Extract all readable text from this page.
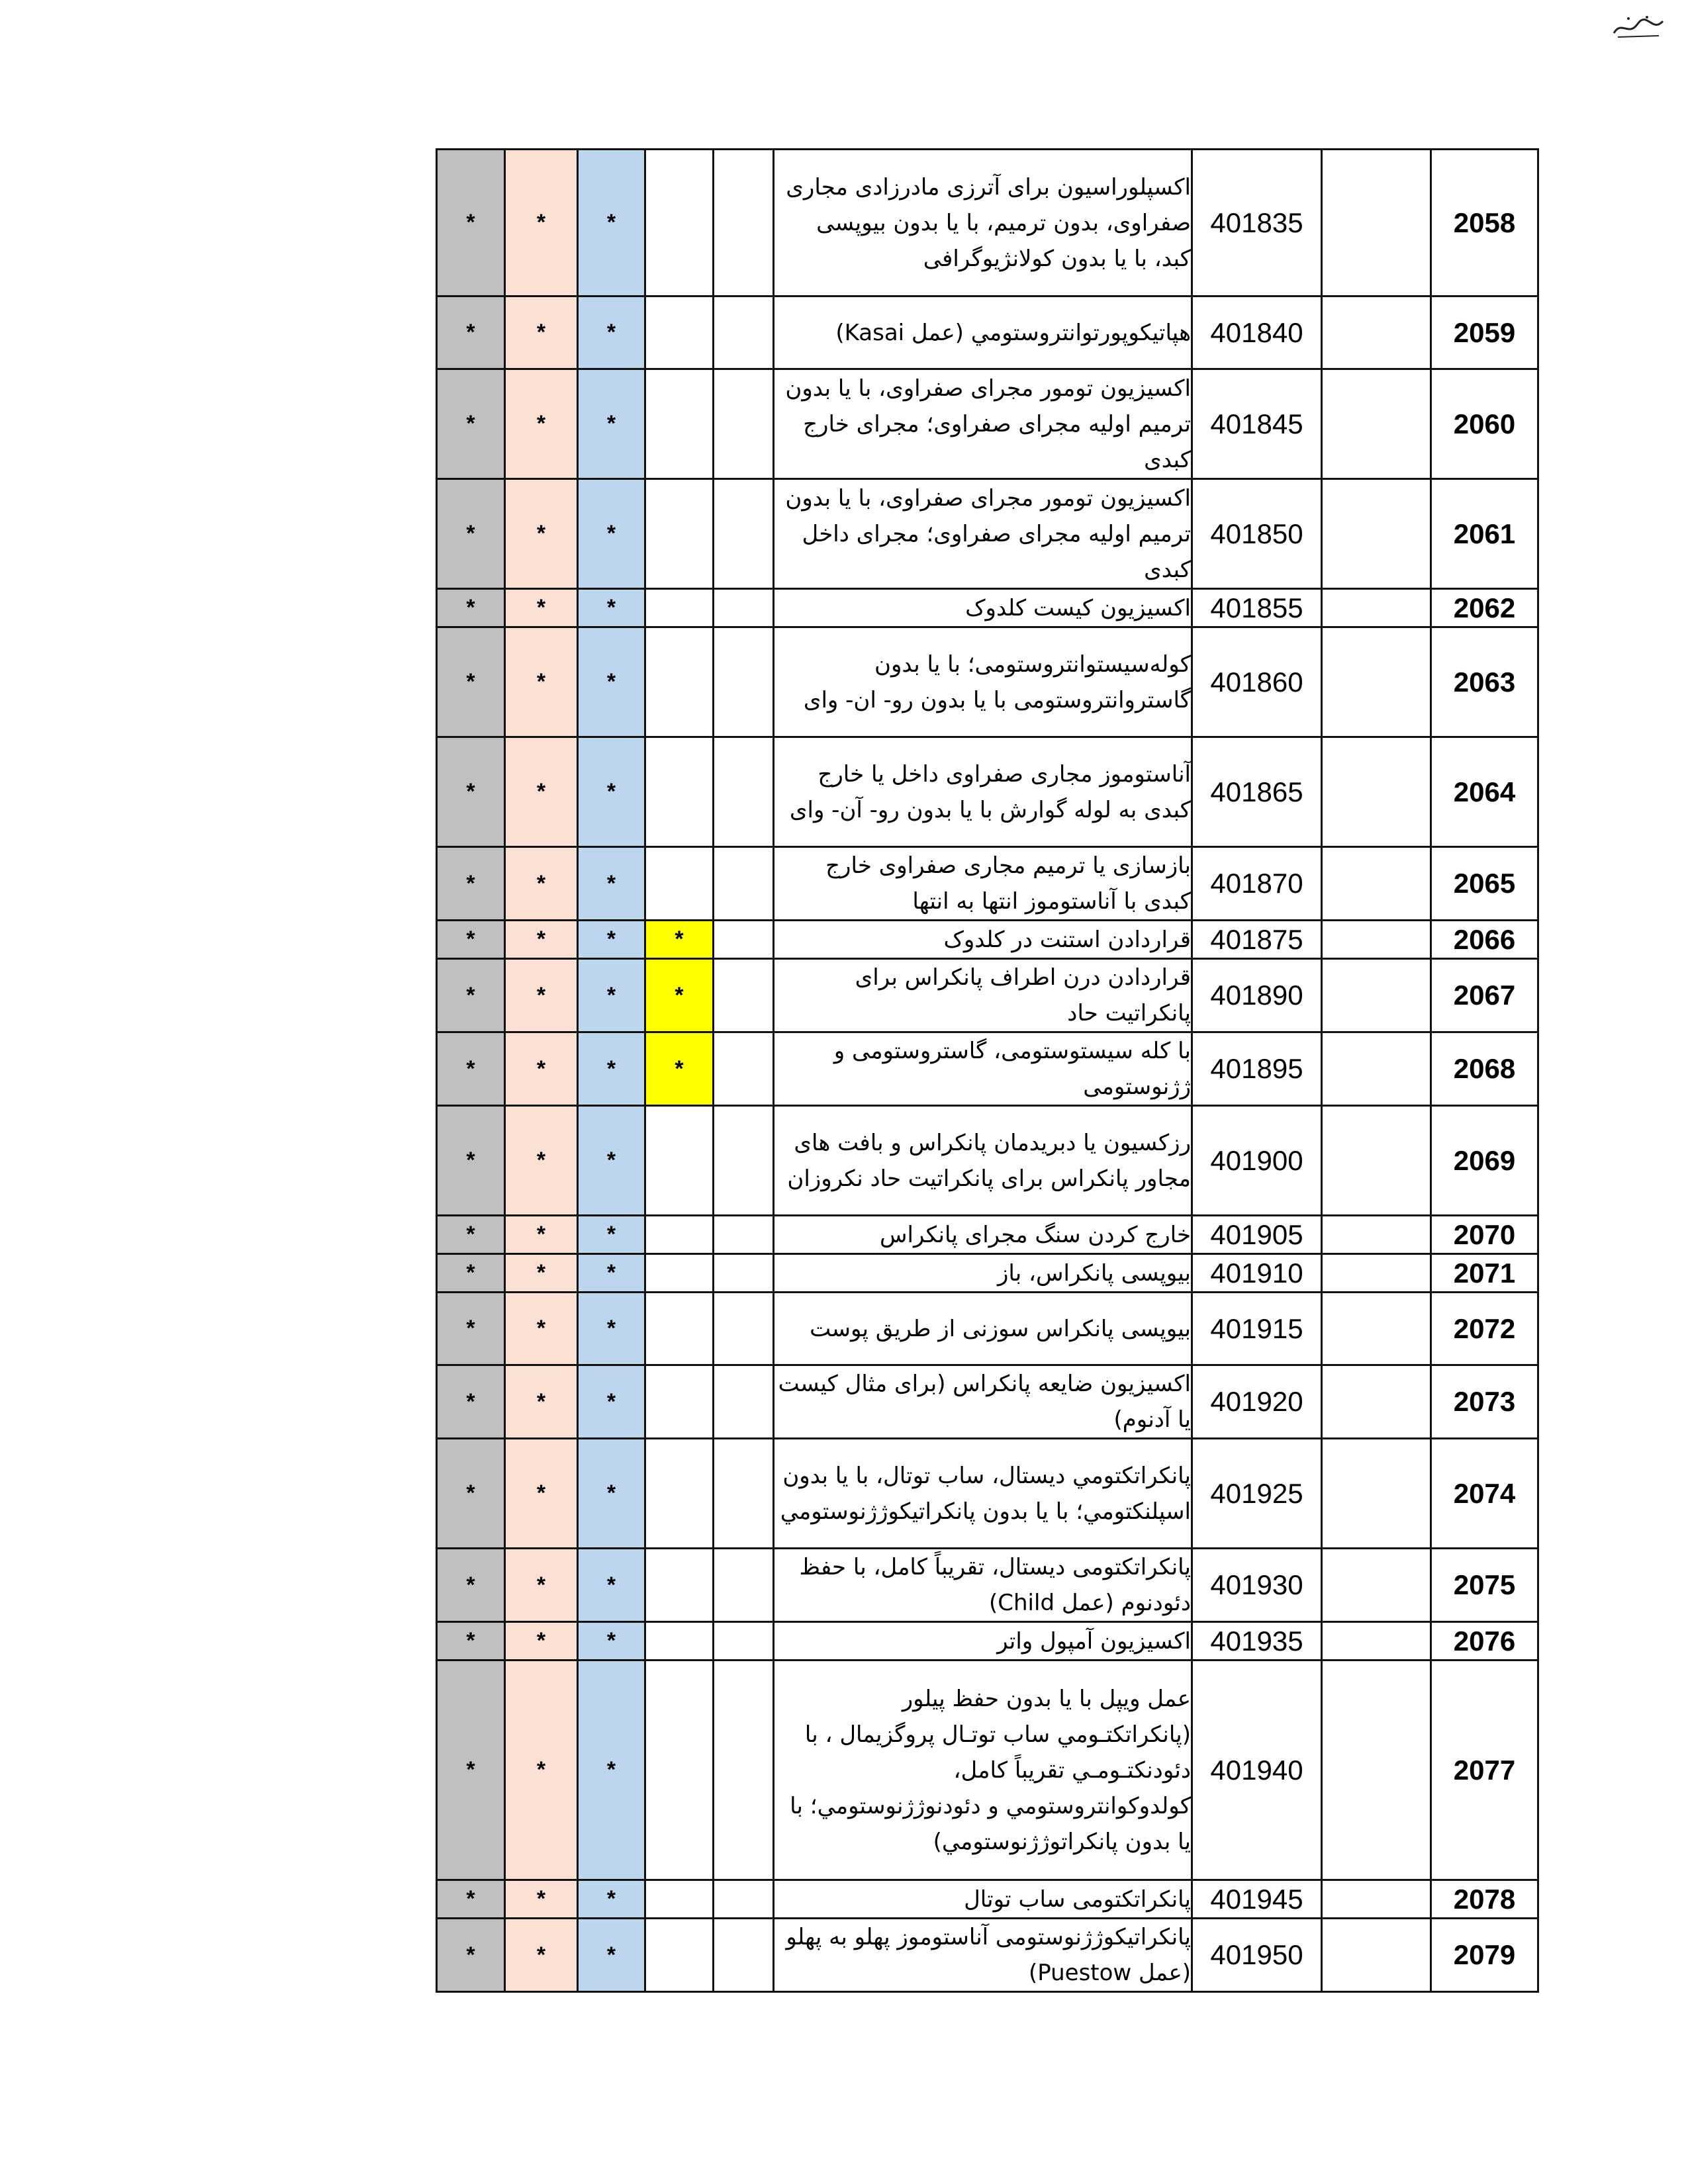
*	*	*			اکسپلوراسیون برای آترزی مادرزادی مجاری صفراوی، بدون ترمیم، با یا بدون بیوپسی کبد، با یا بدون کولانژیوگرافی	401835		2058
*	*	*			هپاتیکوپورتوانتروستومي (عمل Kasai)	401840		2059
*	*	*			اکسیزیون تومور مجرای صفراوی، با یا بدون ترمیم اولیه مجرای صفراوی؛ مجرای خارج کبدی	401845		2060
*	*	*			اکسیزیون تومور مجرای صفراوی، با یا بدون ترمیم اولیه مجرای صفراوی؛ مجرای داخل کبدی	401850		2061
*	*	*			اکسیزیون کیست کلدوک	401855		2062
*	*	*			کوله‌سیستوانتروستومی؛ با یا بدون گاستروانتروستومی با یا بدون رو- ان- وای	401860		2063
*	*	*			آناستوموز مجاری صفراوی داخل یا خارج کبدی به لوله گوارش با یا بدون رو- آن- وای	401865		2064
*	*	*			بازسازی یا ترمیم مجاری صفراوی خارج کبدی با آناستوموز انتها به انتها	401870		2065
*	*	*	*		قراردادن استنت در کلدوک	401875		2066
*	*	*	*		قراردادن درن اطراف پانکراس برای پانکراتیت حاد	401890		2067
*	*	*	*		با کله سیستوستومی، گاستروستومی و ژژنوستومی	401895		2068
*	*	*			رزکسیون یا دبریدمان پانکراس و بافت های مجاور پانکراس برای پانکراتیت حاد نکروزان	401900		2069
*	*	*			خارج کردن سنگ مجرای پانکراس	401905		2070
*	*	*			بیوپسی پانکراس، باز	401910		2071
*	*	*			بیوپسی پانکراس سوزنی از طریق پوست	401915		2072
*	*	*			اکسیزیون ضایعه پانکراس (برای مثال کیست یا آدنوم)	401920		2073
*	*	*			پانکراتکتومي دیستال، ساب توتال، با یا بدون اسپلنکتومي؛ با یا بدون پانکراتیکوژژنوستومي	401925		2074
*	*	*			پانکراتکتومی دیستال، تقریباً کامل، با حفظ دئودنوم (عمل Child)	401930		2075
*	*	*			اکسیزیون آمپول واتر	401935		2076
*	*	*			عمل ویپل با یا بدون حفظ پیلور (پانکراتکتـومي ساب توتـال پروگزیمال ، با دئودنکتـومـي تقریباً کامل، کولدوکوانتروستومي و دئودنوژژنوستومي؛ با یا بدون پانکراتوژژنوستومي)	401940		2077
*	*	*			پانکراتکتومی ساب توتال	401945		2078
*	*	*			پانکراتیکوژژنوستومی آناستوموز پهلو به پهلو (عمل Puestow)	401950		2079
